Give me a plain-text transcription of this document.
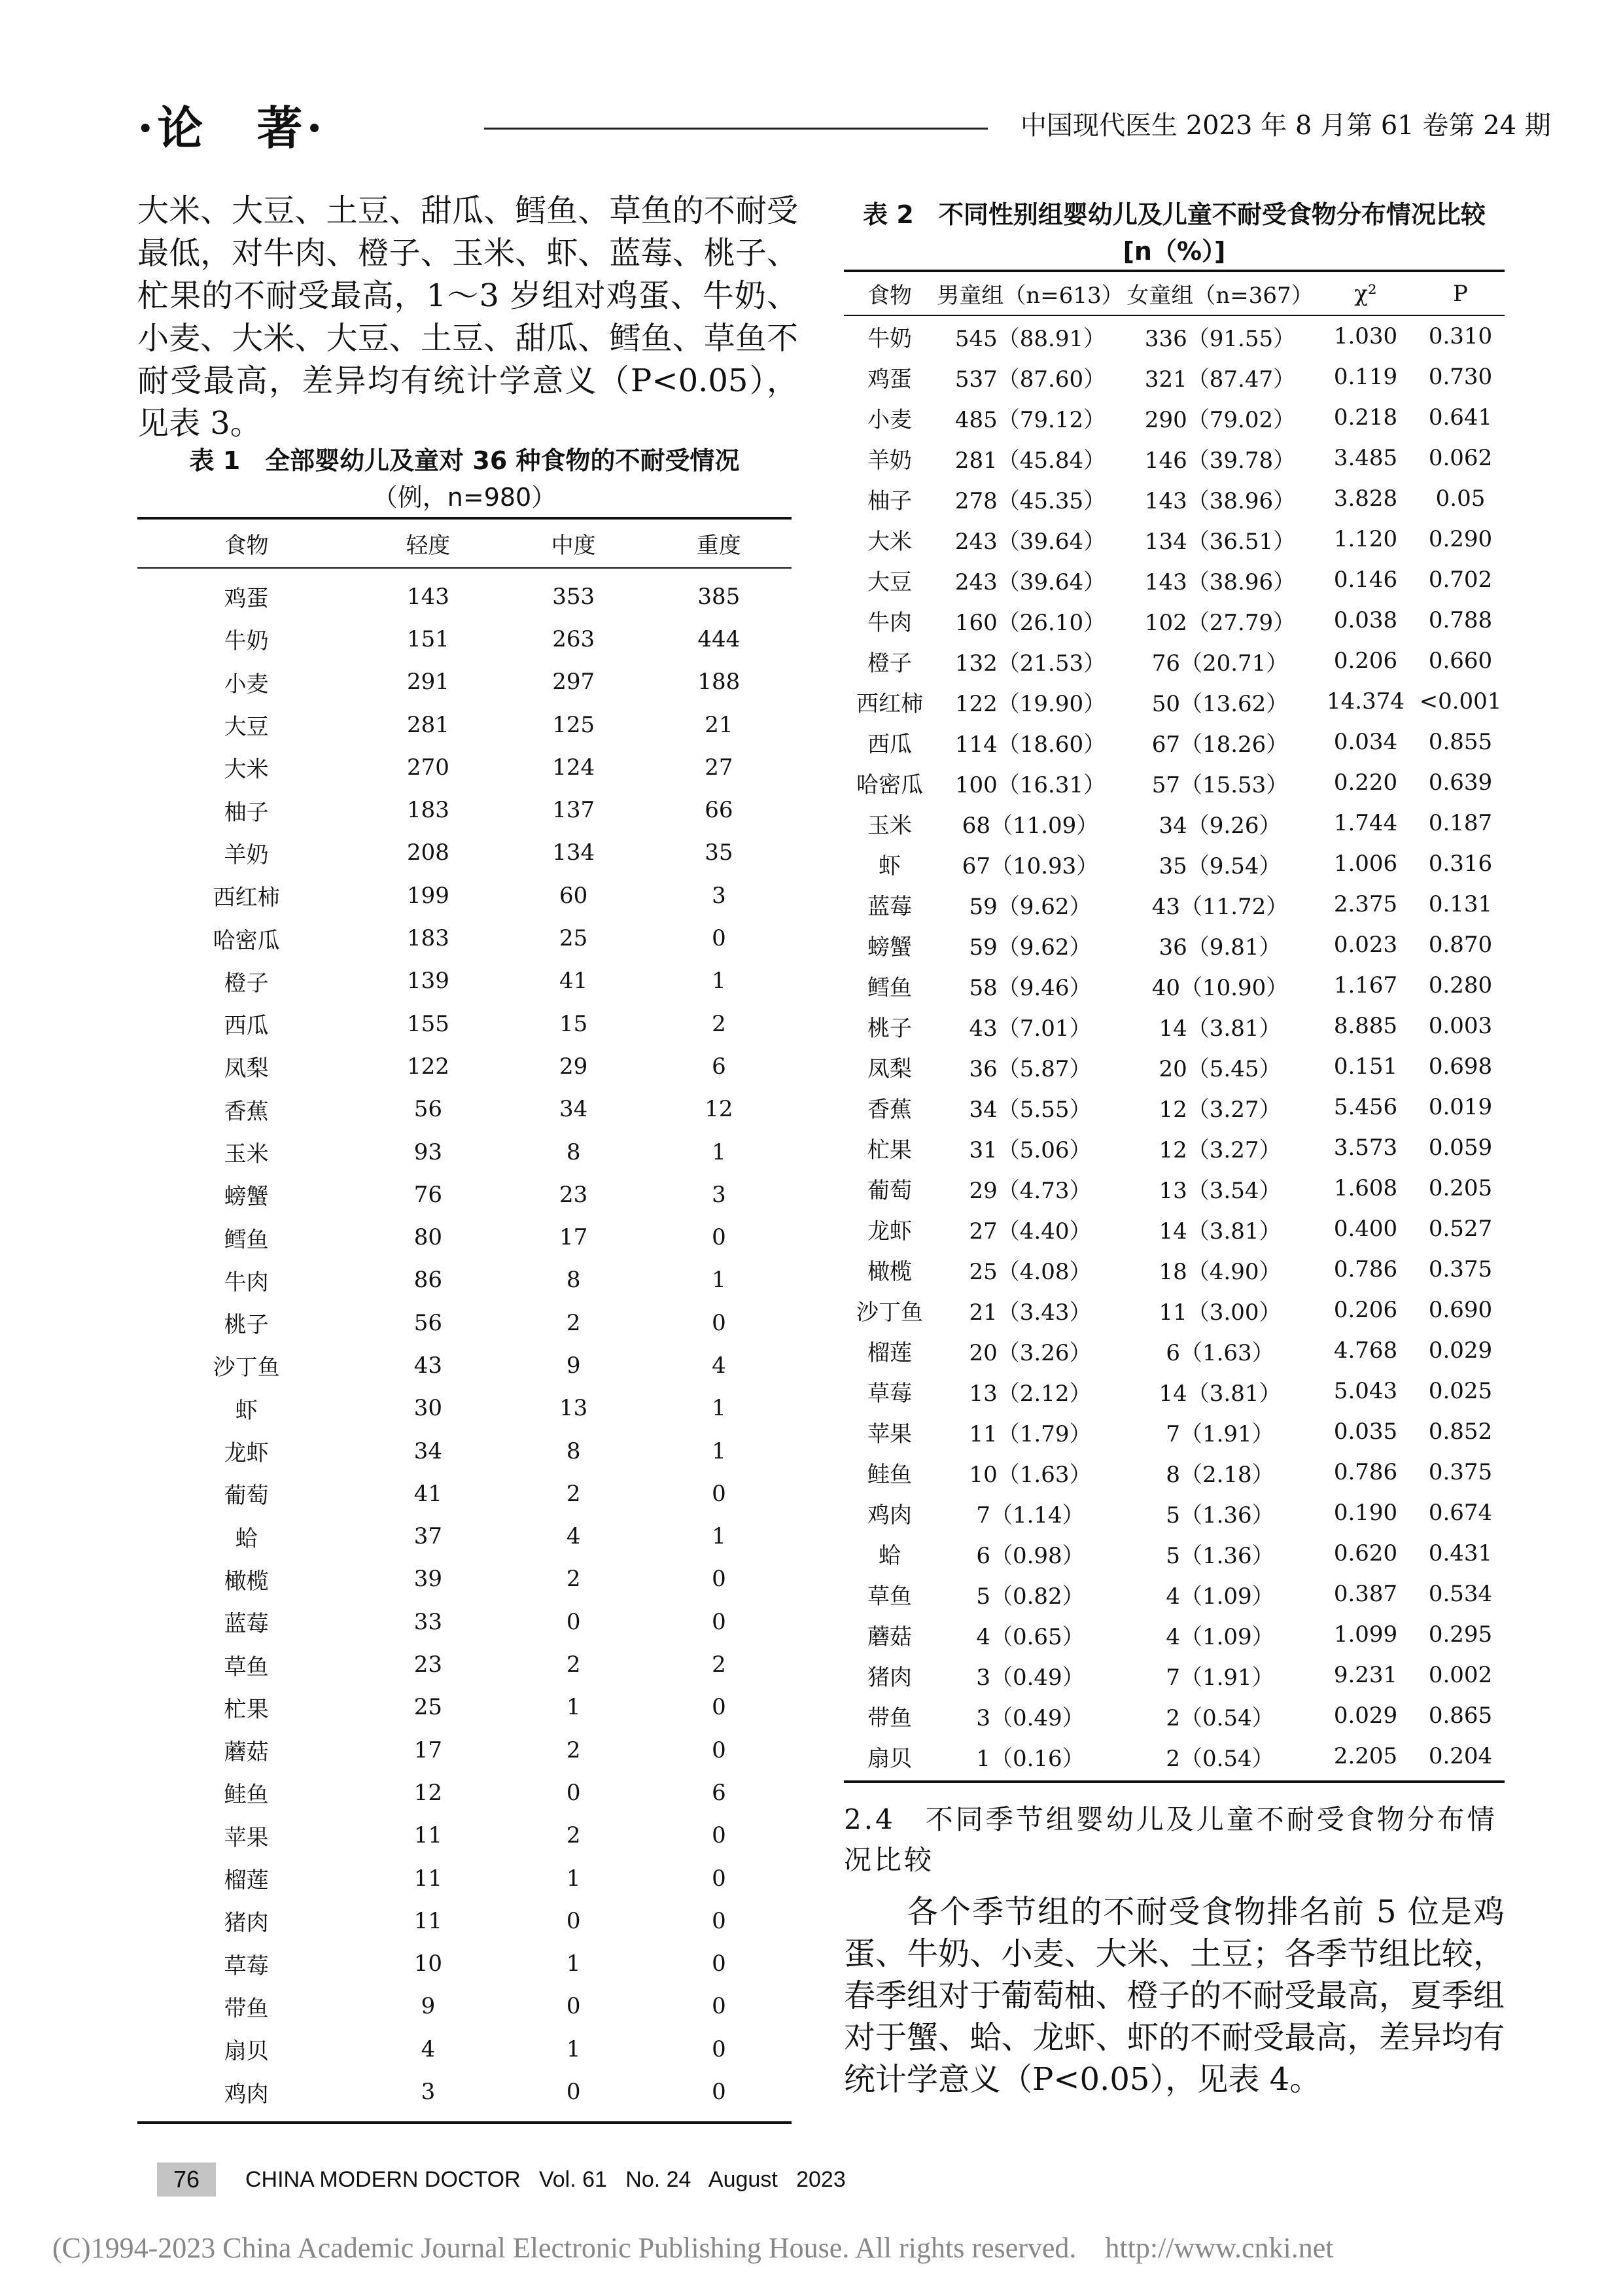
·论　著·	中国现代医生 2023 年 8 月第 61 卷第 24 期

大米、大豆、土豆、甜瓜、鳕鱼、草鱼的不耐受最低，对牛肉、橙子、玉米、虾、蓝莓、桃子、杧果的不耐受最高，1～3 岁组对鸡蛋、牛奶、小麦、大米、大豆、土豆、甜瓜、鳕鱼、草鱼不耐受最高，差异均有统计学意义（P<0.05），见表 3。

表 1　全部婴幼儿及童对 36 种食物的不耐受情况
（例，n=980）
食物	轻度	中度	重度
鸡蛋	143	353	385
牛奶	151	263	444
小麦	291	297	188
大豆	281	125	21
大米	270	124	27
柚子	183	137	66
羊奶	208	134	35
西红柿	199	60	3
哈密瓜	183	25	0
橙子	139	41	1
西瓜	155	15	2
凤梨	122	29	6
香蕉	56	34	12
玉米	93	8	1
螃蟹	76	23	3
鳕鱼	80	17	0
牛肉	86	8	1
桃子	56	2	0
沙丁鱼	43	9	4
虾	30	13	1
龙虾	34	8	1
葡萄	41	2	0
蛤	37	4	1
橄榄	39	2	0
蓝莓	33	0	0
草鱼	23	2	2
杧果	25	1	0
蘑菇	17	2	0
鲑鱼	12	0	6
苹果	11	2	0
榴莲	11	1	0
猪肉	11	0	0
草莓	10	1	0
带鱼	9	0	0
扇贝	4	1	0
鸡肉	3	0	0
表 2　不同性别组婴幼儿及儿童不耐受食物分布情况比较
[n（%）]
食物	男童组（n=613）	女童组（n=367）	χ²	P
牛奶	545（88.91）	336（91.55）	1.030	0.310
鸡蛋	537（87.60）	321（87.47）	0.119	0.730
小麦	485（79.12）	290（79.02）	0.218	0.641
羊奶	281（45.84）	146（39.78）	3.485	0.062
柚子	278（45.35）	143（38.96）	3.828	0.05
大米	243（39.64）	134（36.51）	1.120	0.290
大豆	243（39.64）	143（38.96）	0.146	0.702
牛肉	160（26.10）	102（27.79）	0.038	0.788
橙子	132（21.53）	76（20.71）	0.206	0.660
西红柿	122（19.90）	50（13.62）	14.374	<0.001
西瓜	114（18.60）	67（18.26）	0.034	0.855
哈密瓜	100（16.31）	57（15.53）	0.220	0.639
玉米	68（11.09）	34（9.26）	1.744	0.187
虾	67（10.93）	35（9.54）	1.006	0.316
蓝莓	59（9.62）	43（11.72）	2.375	0.131
螃蟹	59（9.62）	36（9.81）	0.023	0.870
鳕鱼	58（9.46）	40（10.90）	1.167	0.280
桃子	43（7.01）	14（3.81）	8.885	0.003
凤梨	36（5.87）	20（5.45）	0.151	0.698
香蕉	34（5.55）	12（3.27）	5.456	0.019
杧果	31（5.06）	12（3.27）	3.573	0.059
葡萄	29（4.73）	13（3.54）	1.608	0.205
龙虾	27（4.40）	14（3.81）	0.400	0.527
橄榄	25（4.08）	18（4.90）	0.786	0.375
沙丁鱼	21（3.43）	11（3.00）	0.206	0.690
榴莲	20（3.26）	6（1.63）	4.768	0.029
草莓	13（2.12）	14（3.81）	5.043	0.025
苹果	11（1.79）	7（1.91）	0.035	0.852
鲑鱼	10（1.63）	8（2.18）	0.786	0.375
鸡肉	7（1.14）	5（1.36）	0.190	0.674
蛤	6（0.98）	5（1.36）	0.620	0.431
草鱼	5（0.82）	4（1.09）	0.387	0.534
蘑菇	4（0.65）	4（1.09）	1.099	0.295
猪肉	3（0.49）	7（1.91）	9.231	0.002
带鱼	3（0.49）	2（0.54）	0.029	0.865
扇贝	1（0.16）	2（0.54）	2.205	0.204
2.4　不同季节组婴幼儿及儿童不耐受食物分布情况比较
各个季节组的不耐受食物排名前 5 位是鸡蛋、牛奶、小麦、大米、土豆；各季节组比较，春季组对于葡萄柚、橙子的不耐受最高，夏季组对于蟹、蛤、龙虾、虾的不耐受最高，差异均有统计学意义（P<0.05），见表 4。
76	CHINA MODERN DOCTOR   Vol. 61   No. 24   August   2023
(C)1994-2023 China Academic Journal Electronic Publishing House. All rights reserved.    http://www.cnki.net
